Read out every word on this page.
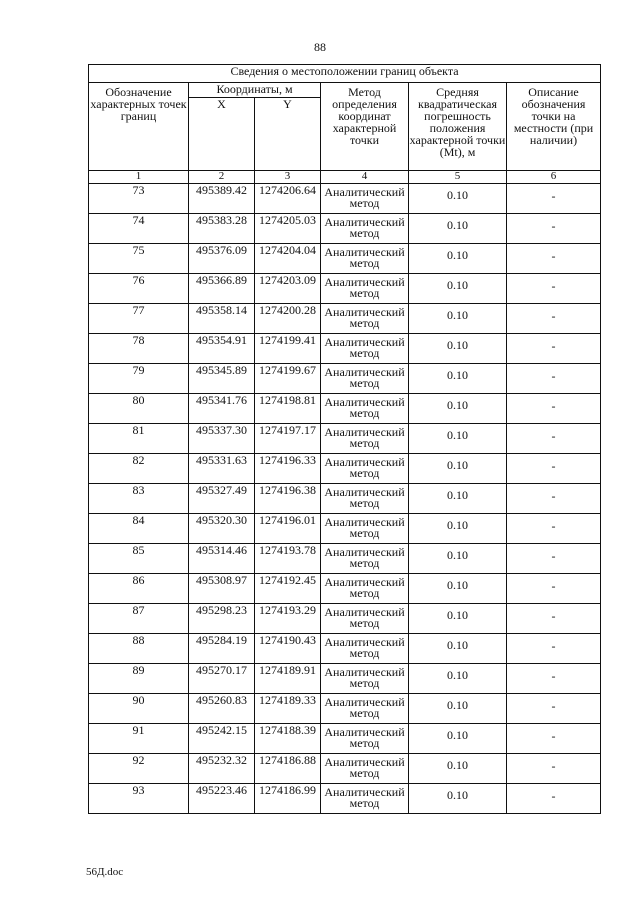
88
Сведения о местоположении границ объекта					
Обозначение характерных точек границ	Координаты, м		Метод определения координат характерной точки	Средняя квадратическая погрешность положения характерной точки (Mt), м	Описание обозначения точки на местности (при наличии)
	X	Y			
1	2	3	4	5	6
73	495389.42	1274206.64	Аналитический метод	0.10	-
74	495383.28	1274205.03	Аналитический метод	0.10	-
75	495376.09	1274204.04	Аналитический метод	0.10	-
76	495366.89	1274203.09	Аналитический метод	0.10	-
77	495358.14	1274200.28	Аналитический метод	0.10	-
78	495354.91	1274199.41	Аналитический метод	0.10	-
79	495345.89	1274199.67	Аналитический метод	0.10	-
80	495341.76	1274198.81	Аналитический метод	0.10	-
81	495337.30	1274197.17	Аналитический метод	0.10	-
82	495331.63	1274196.33	Аналитический метод	0.10	-
83	495327.49	1274196.38	Аналитический метод	0.10	-
84	495320.30	1274196.01	Аналитический метод	0.10	-
85	495314.46	1274193.78	Аналитический метод	0.10	-
86	495308.97	1274192.45	Аналитический метод	0.10	-
87	495298.23	1274193.29	Аналитический метод	0.10	-
88	495284.19	1274190.43	Аналитический метод	0.10	-
89	495270.17	1274189.91	Аналитический метод	0.10	-
90	495260.83	1274189.33	Аналитический метод	0.10	-
91	495242.15	1274188.39	Аналитический метод	0.10	-
92	495232.32	1274186.88	Аналитический метод	0.10	-
93	495223.46	1274186.99	Аналитический метод	0.10	-
56Д.doc
